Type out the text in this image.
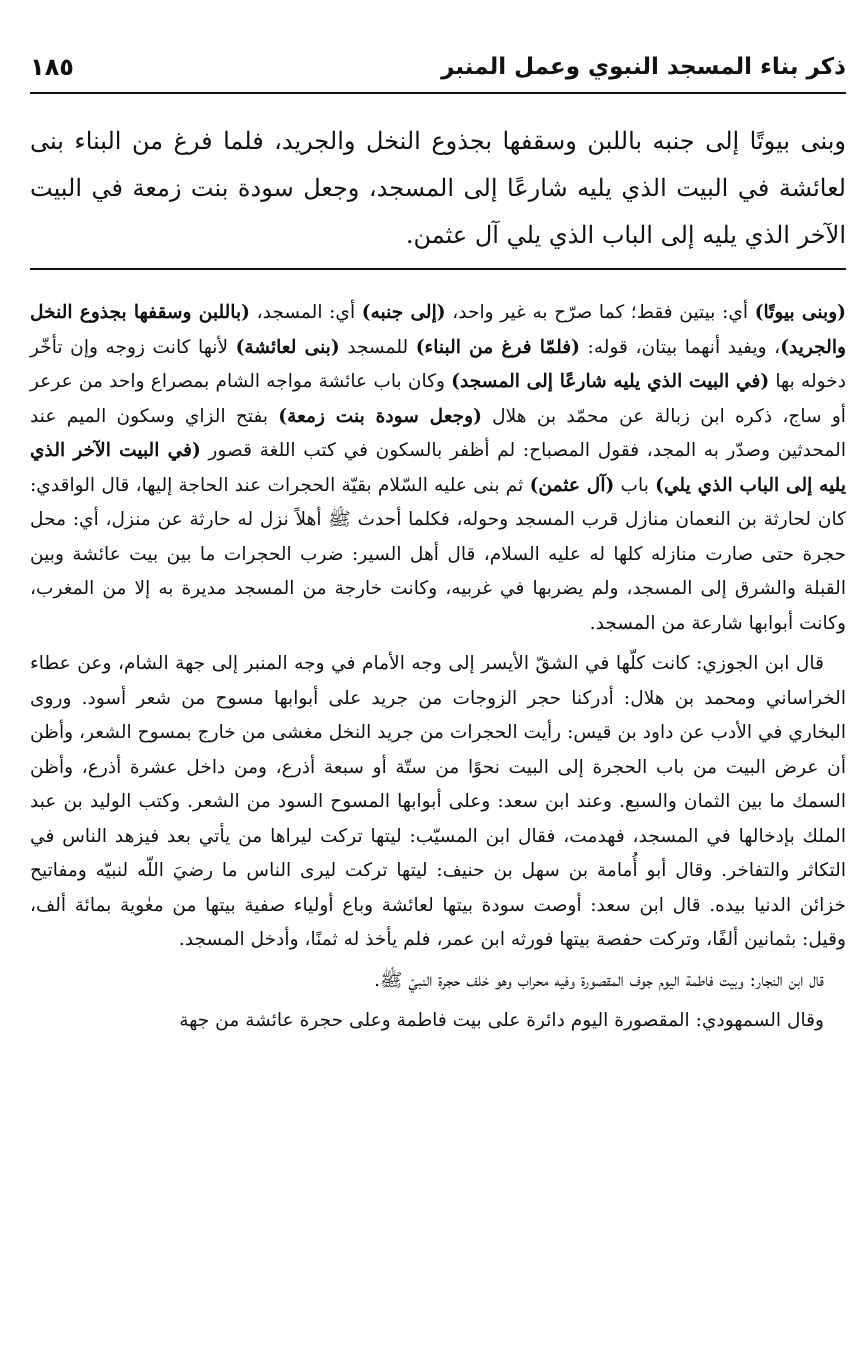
ذكر بناء المسجد النبوي وعمل المنبر
١٨٥
وبنى بيوتًا إلى جنبه باللبن وسقفها بجذوع النخل والجريد، فلما فرغ من البناء بنى لعائشة في البيت الذي يليه شارعًا إلى المسجد، وجعل سودة بنت زمعة في البيت الآخر الذي يليه إلى الباب الذي يلي آل عثمن.

(وبنى بيوتًا) أي: بيتين فقط؛ كما صرّح به غير واحد، (إلى جنبه) أي: المسجد، (باللبن وسقفها بجذوع النخل والجريد)، ويفيد أنهما بيتان، قوله: (فلمّا فرغ من البناء) للمسجد (بنى لعائشة) لأنها كانت زوجه وإن تأخّر دخوله بها (في البيت الذي يليه شارعًا إلى المسجد) وكان باب عائشة مواجه الشام بمصراع واحد من عرعر أو ساج، ذكره ابن زبالة عن محمّد بن هلال (وجعل سودة بنت زمعة) بفتح الزاي وسكون الميم عند المحدثين وصدّر به المجد، فقول المصباح: لم أظفر بالسكون في كتب اللغة قصور (في البيت الآخر الذي يليه إلى الباب الذي يلي) باب (آل عثمن) ثم بنى عليه السّلام بقيّة الحجرات عند الحاجة إليها، قال الواقدي: كان لحارثة بن النعمان منازل قرب المسجد وحوله، فكلما أحدث ﷺ أهلاً نزل له حارثة عن منزل، أي: محل حجرة حتى صارت منازله كلها له عليه السلام، قال أهل السير: ضرب الحجرات ما بين بيت عائشة وبين القبلة والشرق إلى المسجد، ولم يضربها في غربيه، وكانت خارجة من المسجد مديرة به إلا من المغرب، وكانت أبوابها شارعة من المسجد.

قال ابن الجوزي: كانت كلّها في الشقّ الأيسر إلى وجه الأمام في وجه المنبر إلى جهة الشام، وعن عطاء الخراساني ومحمد بن هلال: أدركنا حجر الزوجات من جريد على أبوابها مسوح من شعر أسود. وروى البخاري في الأدب عن داود بن قيس: رأيت الحجرات من جريد النخل مغشى من خارج بمسوح الشعر، وأظن أن عرض البيت من باب الحجرة إلى البيت نحوًا من ستّة أو سبعة أذرع، ومن داخل عشرة أذرع، وأظن السمك ما بين الثمان والسبع. وعند ابن سعد: وعلى أبوابها المسوح السود من الشعر. وكتب الوليد بن عبد الملك بإدخالها في المسجد، فهدمت، فقال ابن المسيّب: ليتها تركت ليراها من يأتي بعد فيزهد الناس في التكاثر والتفاخر. وقال أبو أُمامة بن سهل بن حنيف: ليتها تركت ليرى الناس ما رضيَ اللّه لنبيّه ومفاتيح خزائن الدنيا بيده. قال ابن سعد: أوصت سودة بيتها لعائشة وباع أولياء صفية بيتها من معٰوية بمائة ألف، وقيل: بثمانين ألفًا، وتركت حفصة بيتها فورثه ابن عمر، فلم يأخذ له ثمنًا، وأدخل المسجد.

قال ابن النجار: وبيت فاطمة اليوم جوف المقصورة وفيه محراب وهو خلف حجرة النبيّ ﷺ.

وقال السمهودي: المقصورة اليوم دائرة على بيت فاطمة وعلى حجرة عائشة من جهة
